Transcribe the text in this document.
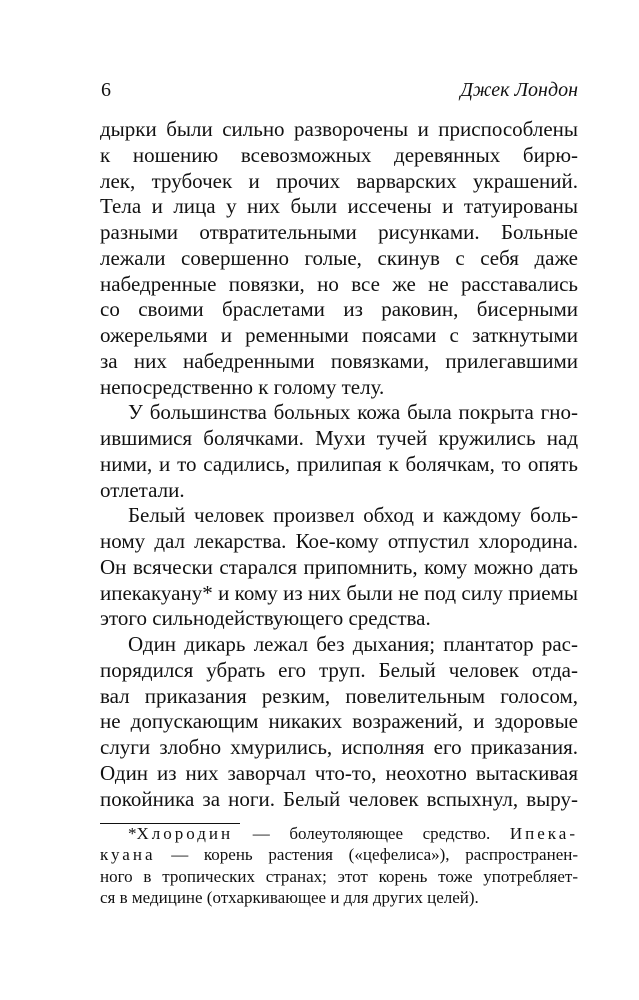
6	Джек Лондон
дырки были сильно разворочены и приспособлены
к ношению всевозможных деревянных бирю-
лек, трубочек и прочих варварских украшений.
Тела и лица у них были иссечены и татуированы
разными отвратительными рисунками. Больные
лежали совершенно голые, скинув с себя даже
набедренные повязки, но все же не расставались
со своими браслетами из раковин, бисерными
ожерельями и ременными поясами с заткнутыми
за них набедренными повязками, прилегавшими
непосредственно к голому телу.
У большинства больных кожа была покрыта гно-
ившимися болячками. Мухи тучей кружились над
ними, и то садились, прилипая к болячкам, то опять
отлетали.
Белый человек произвел обход и каждому боль-
ному дал лекарства. Кое-кому отпустил хлородина.
Он всячески старался припомнить, кому можно дать
ипекакуану* и кому из них были не под силу приемы
этого сильнодействующего средства.
Один дикарь лежал без дыхания; плантатор рас-
порядился убрать его труп. Белый человек отда-
вал приказания резким, повелительным голосом,
не допускающим никаких возражений, и здоровые
слуги злобно хмурились, исполняя его приказания.
Один из них заворчал что-то, неохотно вытаскивая
покойника за ноги. Белый человек вспыхнул, выру-
*Хлородин — болеутоляющее средство. Ипека-
куана — корень растения («цефелиса»), распространен-
ного в тропических странах; этот корень тоже употребляет-
ся в медицине (отхаркивающее и для других целей).
